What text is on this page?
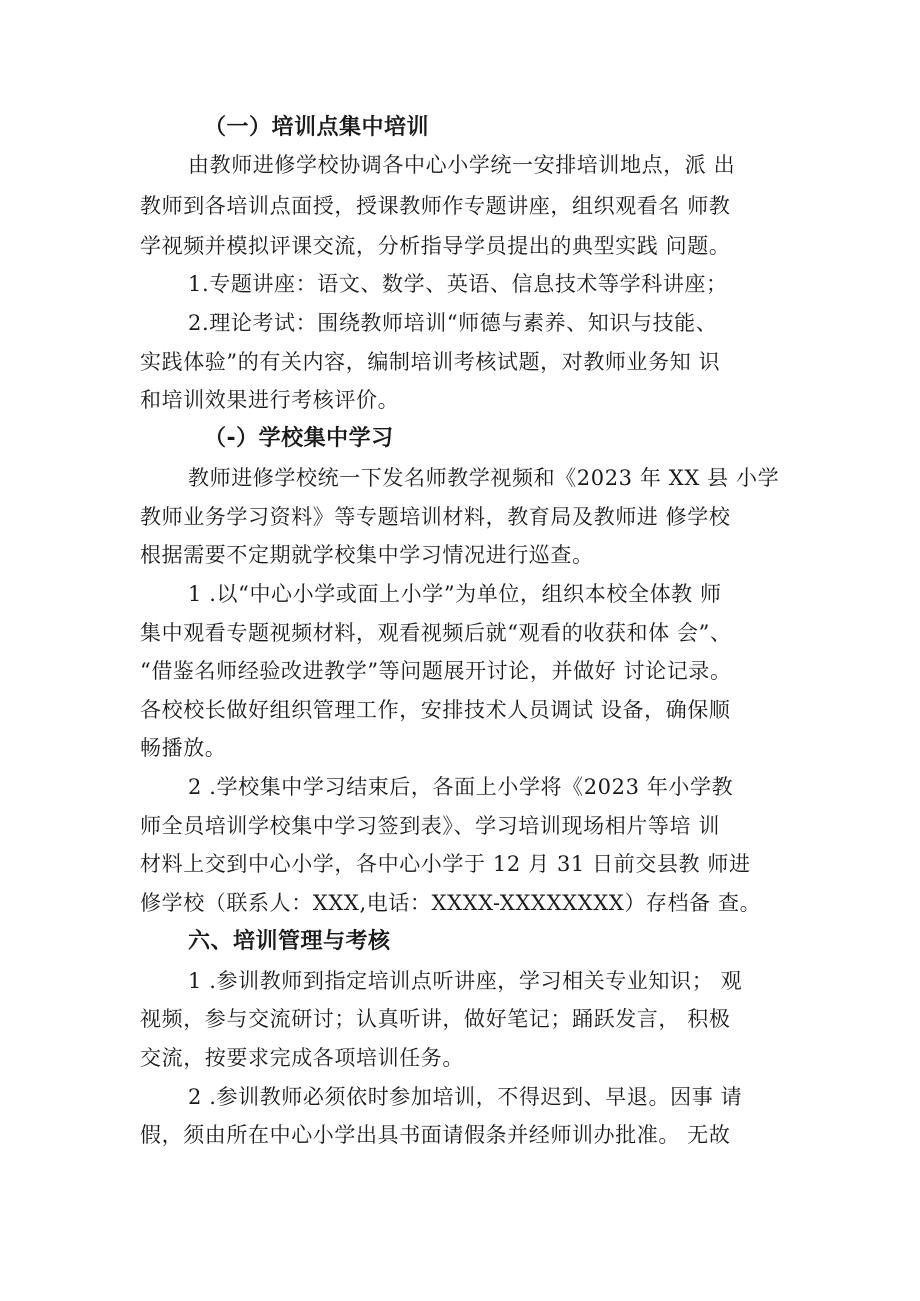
（一）培训点集中培训

由教师进修学校协调各中心小学统一安排培训地点，派 出

教师到各培训点面授，授课教师作专题讲座，组织观看名 师教

学视频并模拟评课交流，分析指导学员提出的典型实践 问题。

1.专题讲座：语文、数学、英语、信息技术等学科讲座；

2.理论考试：围绕教师培训“师德与素养、知识与技能、

实践体验”的有关内容，编制培训考核试题，对教师业务知 识

和培训效果进行考核评价。

（-）学校集中学习

教师进修学校统一下发名师教学视频和《2023 年 XX 县 小学

教师业务学习资料》等专题培训材料，教育局及教师进 修学校

根据需要不定期就学校集中学习情况进行巡查。

1 .以“中心小学或面上小学”为单位，组织本校全体教 师

集中观看专题视频材料，观看视频后就“观看的收获和体 会”、

“借鉴名师经验改进教学”等问题展开讨论，并做好 讨论记录。

各校校长做好组织管理工作，安排技术人员调试 设备，确保顺

畅播放。

2 .学校集中学习结束后，各面上小学将《2023 年小学教

师全员培训学校集中学习签到表》、学习培训现场相片等培 训

材料上交到中心小学，各中心小学于 12 月 31 日前交县教 师进

修学校（联系人：XXX,电话：XXXX-XXXXXXXX）存档备 查。

六、培训管理与考核

1 .参训教师到指定培训点听讲座，学习相关专业知识； 观

视频，参与交流研讨；认真听讲，做好笔记；踊跃发言， 积极

交流，按要求完成各项培训任务。

2 .参训教师必须依时参加培训，不得迟到、早退。因事 请

假，须由所在中心小学出具书面请假条并经师训办批准。 无故
